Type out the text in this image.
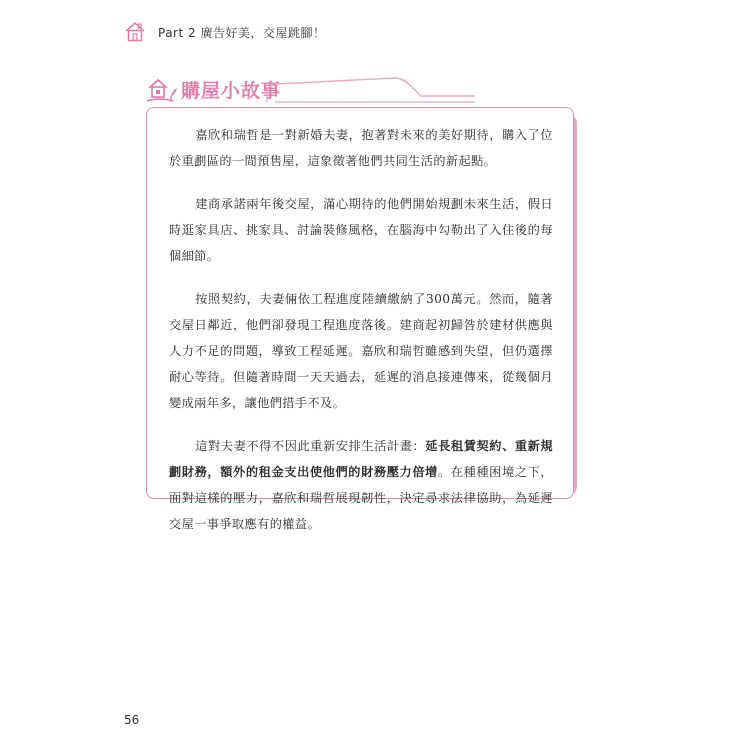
Part 2 廣告好美，交屋跳腳！
購屋小故事

嘉欣和瑞哲是一對新婚夫妻，抱著對未來的美好期待，購入了位於重劃區的一間預售屋，這象徵著他們共同生活的新起點。

建商承諾兩年後交屋，滿心期待的他們開始規劃未來生活，假日時逛家具店、挑家具、討論裝修風格，在腦海中勾勒出了入住後的每個細節。

按照契約，夫妻倆依工程進度陸續繳納了300萬元。然而，隨著交屋日鄰近，他們卻發現工程進度落後。建商起初歸咎於建材供應與人力不足的問題，導致工程延遲。嘉欣和瑞哲雖感到失望，但仍選擇耐心等待。但隨著時間一天天過去，延遲的消息接連傳來，從幾個月變成兩年多，讓他們措手不及。

這對夫妻不得不因此重新安排生活計畫：延長租賃契約、重新規劃財務，額外的租金支出使他們的財務壓力倍增。在種種困境之下，面對這樣的壓力，嘉欣和瑞哲展現韌性，決定尋求法律協助，為延遲交屋一事爭取應有的權益。

56
